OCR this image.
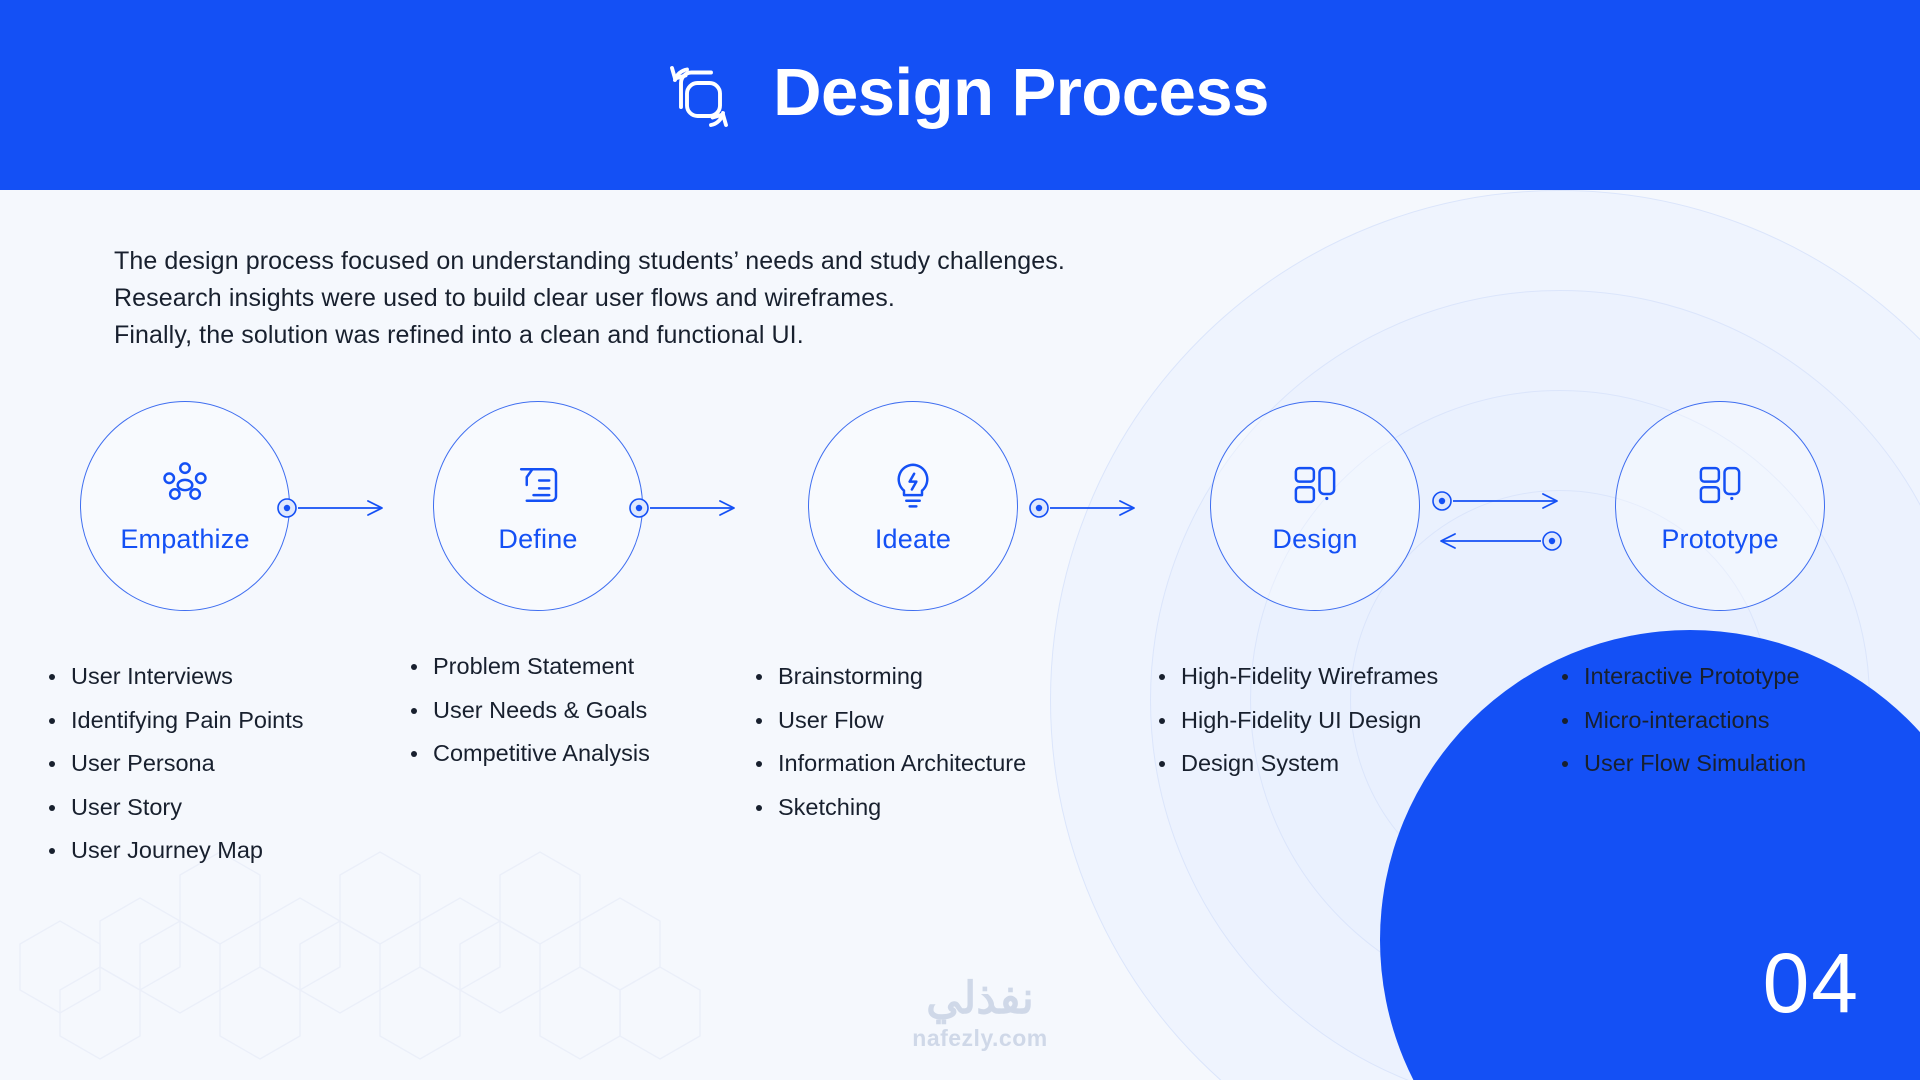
04
Design Process
The design process focused on understanding students’ needs and study challenges.
Research insights were used to build clear user flows and wireframes.
Finally, the solution was refined into a clean and functional UI.
Empathize	Define	Ideate	Design	Prototype
User Interviews
Identifying Pain Points
User Persona
User Story
User Journey Map
Problem Statement
User Needs & Goals
Competitive Analysis
Brainstorming
User Flow
Information Architecture
Sketching
High-Fidelity Wireframes
High-Fidelity UI Design
Design System
Interactive Prototype
Micro-interactions
User Flow Simulation
نفذلي
nafezly.com
